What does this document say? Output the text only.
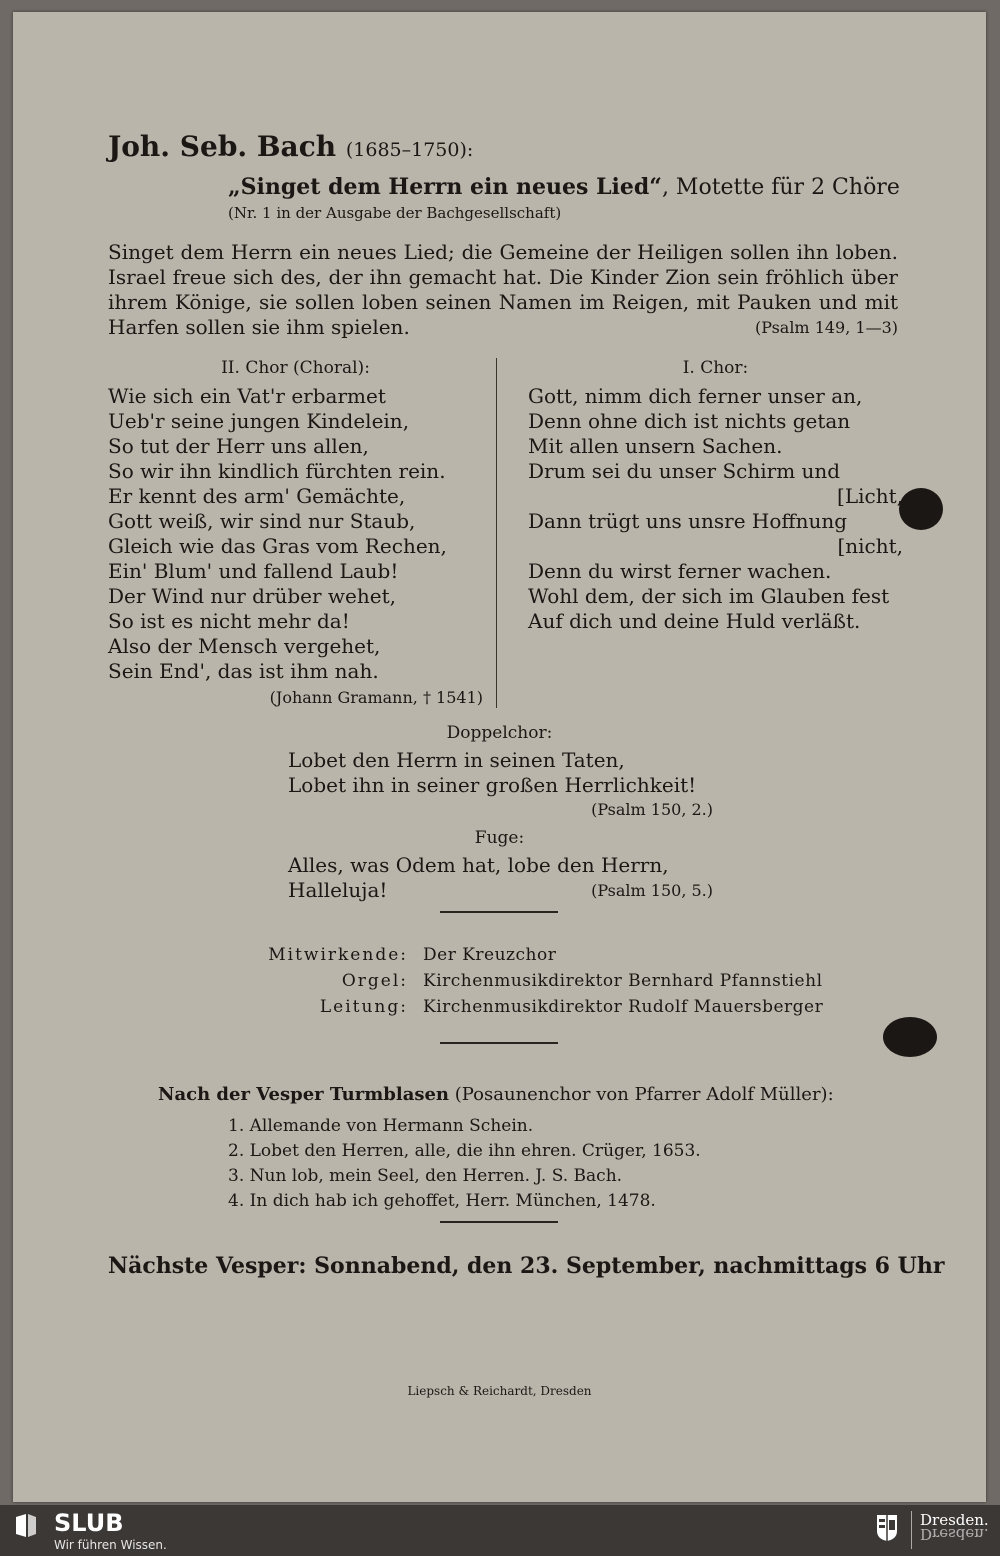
Joh. Seb. Bach (1685–1750):
„Singet dem Herrn ein neues Lied“, Motette für 2 Chöre
(Nr. 1 in der Ausgabe der Bachgesellschaft)
Singet dem Herrn ein neues Lied; die Gemeine der Heiligen sollen ihn loben. Israel freue sich des, der ihn gemacht hat. Die Kinder Zion sein fröhlich über ihrem Könige, sie sollen loben seinen Namen im Reigen, mit Pauken und mit Harfen sollen sie ihm spielen.	(Psalm 149, 1—3)
II. Chor (Choral):	I. Chor:
Wie sich ein Vat'r erbarmet
Ueb'r seine jungen Kindelein,
So tut der Herr uns allen,
So wir ihn kindlich fürchten rein.
Er kennt des arm' Gemächte,
Gott weiß, wir sind nur Staub,
Gleich wie das Gras vom Rechen,
Ein' Blum' und fallend Laub!
Der Wind nur drüber wehet,
So ist es nicht mehr da!
Also der Mensch vergehet,
Sein End', das ist ihm nah.
(Johann Gramann, † 1541)
Gott, nimm dich ferner unser an,
Denn ohne dich ist nichts getan
Mit allen unsern Sachen.
Drum sei du unser Schirm und
[Licht,
Dann trügt uns unsre Hoffnung
[nicht,
Denn du wirst ferner wachen.
Wohl dem, der sich im Glauben fest
Auf dich und deine Huld verläßt.
Doppelchor:
Lobet den Herrn in seinen Taten,
Lobet ihn in seiner großen Herrlichkeit!
(Psalm 150, 2.)
Fuge:
Alles, was Odem hat, lobe den Herrn,
Halleluja!	(Psalm 150, 5.)
Mitwirkende: Der Kreuzchor
Orgel: Kirchenmusikdirektor Bernhard Pfannstiehl
Leitung: Kirchenmusikdirektor Rudolf Mauersberger
Nach der Vesper Turmblasen (Posaunenchor von Pfarrer Adolf Müller):
1. Allemande von Hermann Schein.
2. Lobet den Herren, alle, die ihn ehren. Crüger, 1653.
3. Nun lob, mein Seel, den Herren. J. S. Bach.
4. In dich hab ich gehoffet, Herr. München, 1478.
Nächste Vesper: Sonnabend, den 23. September, nachmittags 6 Uhr
Liepsch & Reichardt, Dresden
SLUB
Wir führen Wissen.
Dresden.
Dresden.
